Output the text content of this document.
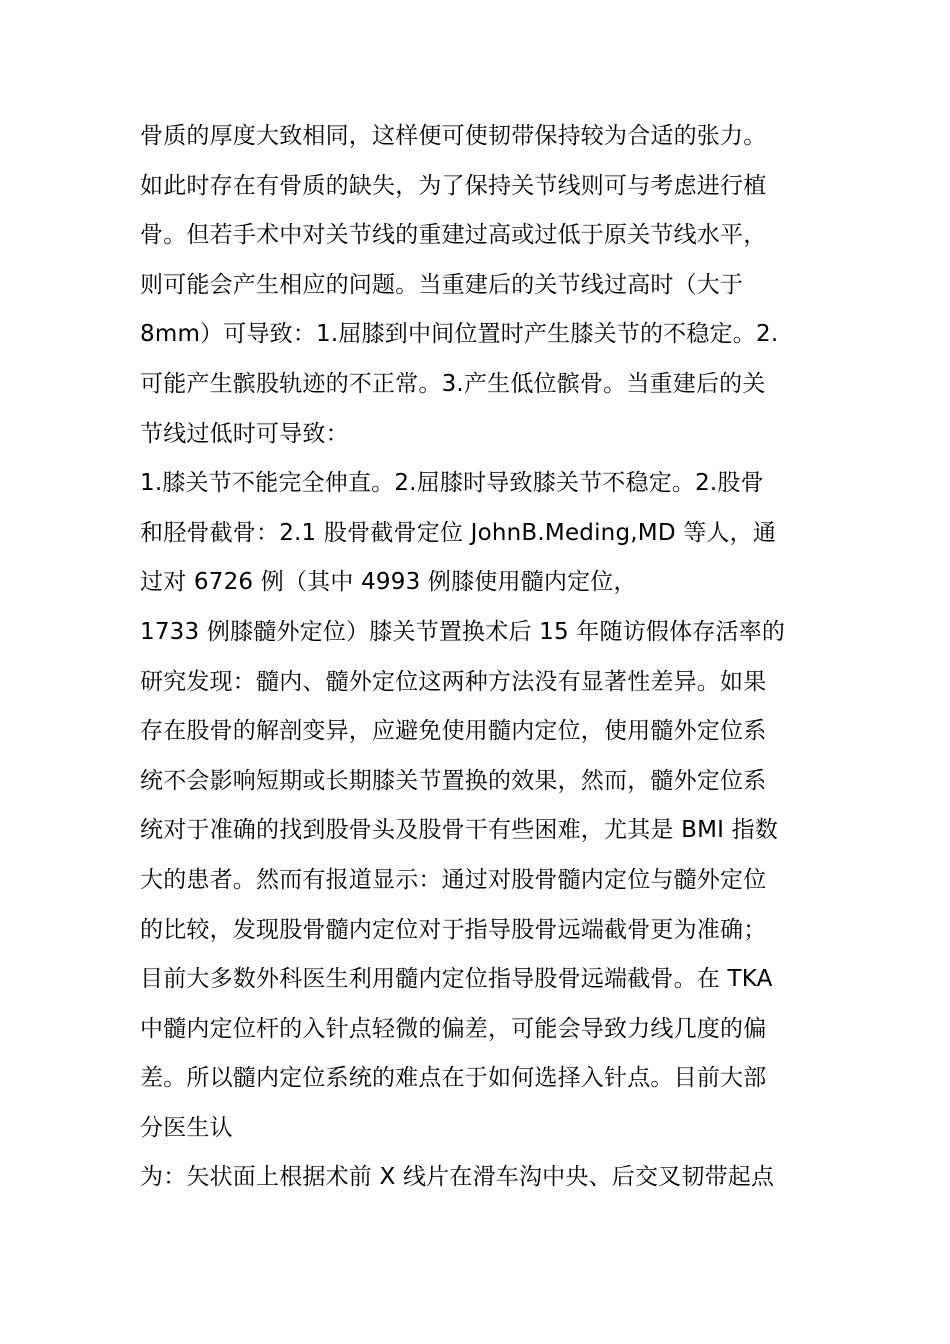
骨质的厚度大致相同，这样便可使韧带保持较为合适的张力。
如此时存在有骨质的缺失，为了保持关节线则可与考虑进行植
骨。但若手术中对关节线的重建过高或过低于原关节线水平，
则可能会产生相应的问题。当重建后的关节线过高时（大于
8mm）可导致：1.屈膝到中间位置时产生膝关节的不稳定。2.
可能产生髌股轨迹的不正常。3.产生低位髌骨。当重建后的关
节线过低时可导致：
1.膝关节不能完全伸直。2.屈膝时导致膝关节不稳定。2.股骨
和胫骨截骨：2.1 股骨截骨定位 JohnB.Meding,MD 等人，通
过对 6726 例（其中 4993 例膝使用髓内定位，
1733 例膝髓外定位）膝关节置换术后 15 年随访假体存活率的
研究发现：髓内、髓外定位这两种方法没有显著性差异。如果
存在股骨的解剖变异，应避免使用髓内定位，使用髓外定位系
统不会影响短期或长期膝关节置换的效果，然而，髓外定位系
统对于准确的找到股骨头及股骨干有些困难，尤其是 BMI 指数
大的患者。然而有报道显示：通过对股骨髓内定位与髓外定位
的比较，发现股骨髓内定位对于指导股骨远端截骨更为准确；
目前大多数外科医生利用髓内定位指导股骨远端截骨。在 TKA
中髓内定位杆的入针点轻微的偏差，可能会导致力线几度的偏
差。所以髓内定位系统的难点在于如何选择入针点。目前大部
分医生认
为：矢状面上根据术前 X 线片在滑车沟中央、后交叉韧带起点
